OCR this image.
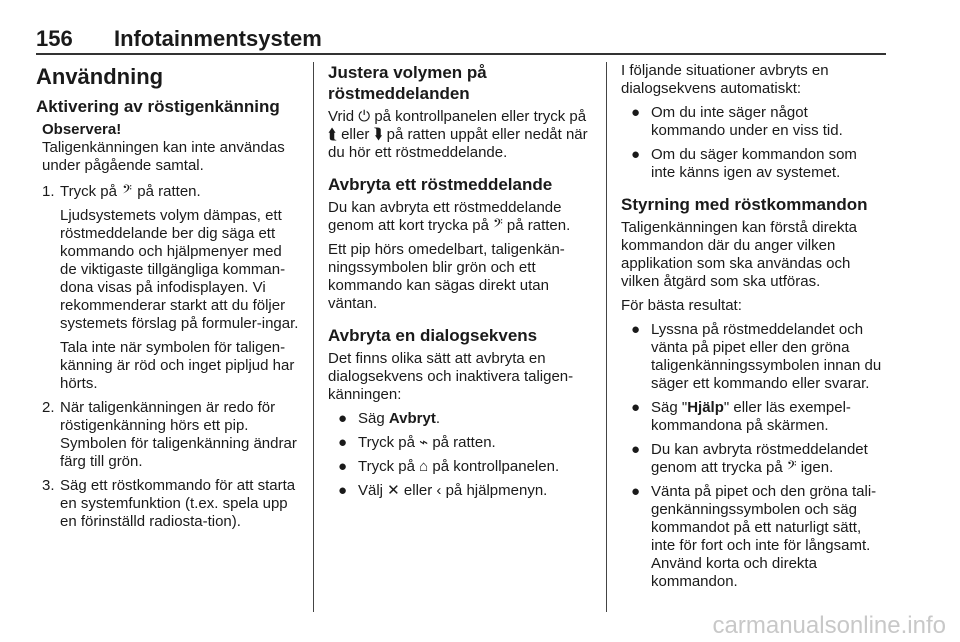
156 Infotainmentsystem
Användning
Aktivering av röstigenkänning
Observera!
Taligenkänningen kan inte användas under pågående samtal.
1. Tryck på 𝄢 på ratten.

Ljudsystemets volym dämpas, ett röstmeddelande ber dig säga ett kommando och hjälpmenyer med de viktigaste tillgängliga komman-dona visas på infodisplayen. Vi rekommenderar starkt att du följer systemets förslag på formuler-ingar.

Tala inte när symbolen för taligen-känning är röd och inget pipljud har hörts.

2. När taligenkänningen är redo för röstigenkänning hörs ett pip. Symbolen för taligenkänning ändrar färg till grön.

3. Säg ett röstkommando för att starta en systemfunktion (t.ex. spela upp en förinställd radiosta-tion).

Justera volymen på röstmeddelanden

Vrid ⏻ på kontrollpanelen eller tryck på ⮬ eller ⮯ på ratten uppåt eller nedåt när du hör ett röstmeddelande.

Avbryta ett röstmeddelande

Du kan avbryta ett röstmeddelande genom att kort trycka på 𝄢 på ratten.

Ett pip hörs omedelbart, taligenkän-ningssymbolen blir grön och ett kommando kan sägas direkt utan väntan.

Avbryta en dialogsekvens

Det finns olika sätt att avbryta en dialogsekvens och inaktivera taligen-känningen:

● Säg Avbryt.
● Tryck på ⌁ på ratten.
● Tryck på ⌂ på kontrollpanelen.
● Välj ✕ eller ‹ på hjälpmenyn.

I följande situationer avbryts en dialogsekvens automatiskt:

● Om du inte säger något kommando under en viss tid.
● Om du säger kommandon som inte känns igen av systemet.
Styrning med röstkommandon

Taligenkänningen kan förstå direkta kommandon där du anger vilken applikation som ska användas och vilken åtgärd som ska utföras.

För bästa resultat:

● Lyssna på röstmeddelandet och vänta på pipet eller den gröna taligenkänningssymbolen innan du säger ett kommando eller svarar.
● Säg "Hjälp" eller läs exempel-kommandona på skärmen.
● Du kan avbryta röstmeddelandet genom att trycka på 𝄢 igen.
● Vänta på pipet och den gröna tali-genkänningssymbolen och säg kommandot på ett naturligt sätt, inte för fort och inte för långsamt. Använd korta och direkta kommandon.
carmanualsonline.info
